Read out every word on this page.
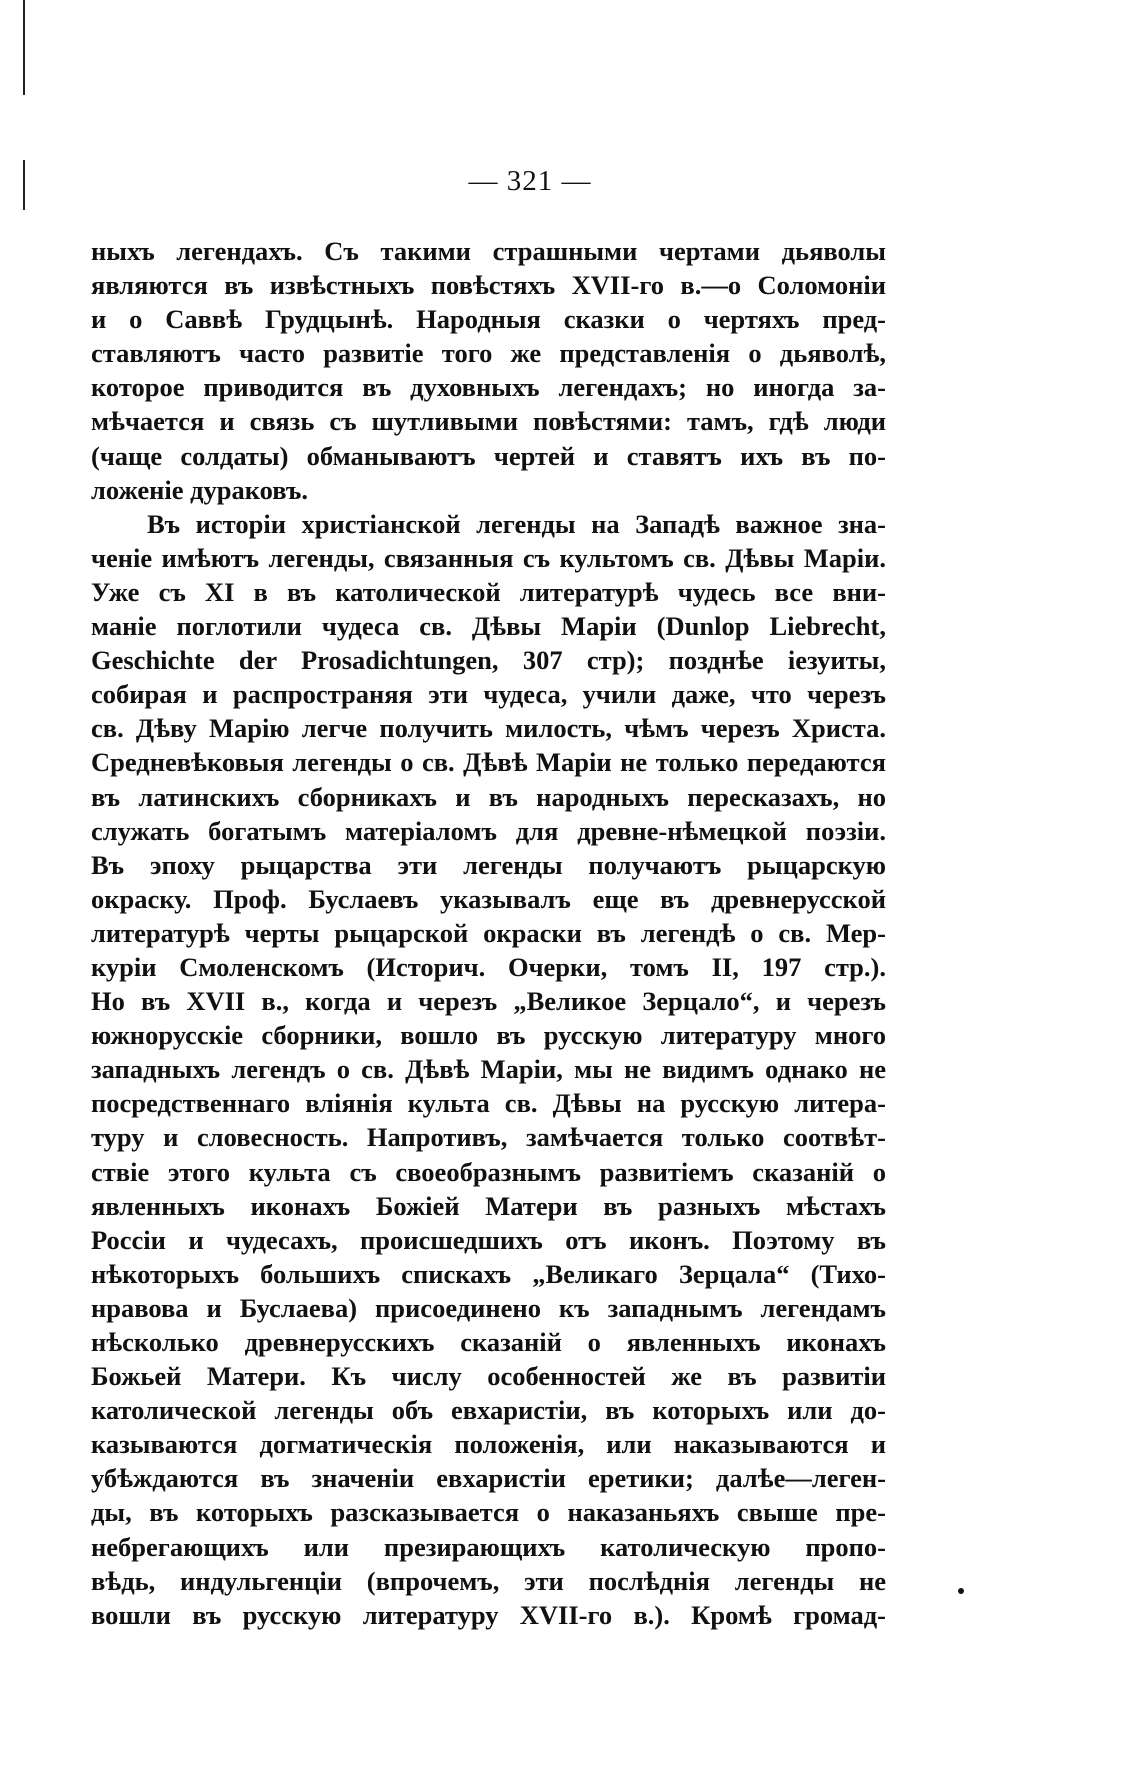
— 321 —
ныхъ легендахъ. Съ такими страшными чертами дьяволы
являются въ извѣстныхъ повѣстяхъ XVII-го в.—о Соломоніи
и о Саввѣ Грудцынѣ. Народныя сказки о чертяхъ пред-
ставляютъ часто развитіе того же представленія о дьяволѣ,
которое приводится въ духовныхъ легендахъ; но иногда за-
мѣчается и связь съ шутливыми повѣстями: тамъ, гдѣ люди
(чаще солдаты) обманываютъ чертей и ставятъ ихъ въ по-
ложеніе дураковъ.
Въ исторіи христіанской легенды на Западѣ важное зна-
ченіе имѣютъ легенды, связанныя съ культомъ св. Дѣвы Маріи.
Уже съ XI в въ католической литературѣ чудесь все вни-
маніе поглотили чудеса св. Дѣвы Маріи (Dunlop Liebrecht,
Geschichte der Prosadichtungen, 307 стр); позднѣе іезуиты,
собирая и распространяя эти чудеса, учили даже, что черезъ
св. Дѣву Марію легче получить милость, чѣмъ черезъ Христа.
Средневѣковыя легенды о св. Дѣвѣ Маріи не только передаются
въ латинскихъ сборникахъ и въ народныхъ пересказахъ, но
служать богатымъ матеріаломъ для древне-нѣмецкой поэзіи.
Въ эпоху рыцарства эти легенды получаютъ рыцарскую
окраску. Проф. Буслаевъ указывалъ еще въ древнерусской
литературѣ черты рыцарской окраски въ легендѣ о св. Мер-
куріи Смоленскомъ (Историч. Очерки, томъ II, 197 стр.).
Но въ XVII в., когда и черезъ „Великое Зерцало“, и черезъ
южнорусскіе сборники, вошло въ русскую литературу много
западныхъ легендъ о св. Дѣвѣ Маріи, мы не видимъ однако не
посредственнаго вліянія культа св. Дѣвы на русскую литера-
туру и словесность. Напротивъ, замѣчается только соотвѣт-
ствіе этого культа съ своеобразнымъ развитіемъ сказаній о
явленныхъ иконахъ Божіей Матери въ разныхъ мѣстахъ
Россіи и чудесахъ, происшедшихъ отъ иконъ. Поэтому въ
нѣкоторыхъ большихъ спискахъ „Великаго Зерцала“ (Тихо-
нравова и Буслаева) присоединено къ западнымъ легендамъ
нѣсколько древнерусскихъ сказаній о явленныхъ иконахъ
Божьей Матери. Къ числу особенностей же въ развитіи
католической легенды объ евхаристіи, въ которыхъ или до-
казываются догматическія положенія, или наказываются и
убѣждаются въ значеніи евхаристіи еретики; далѣе—леген-
ды, въ которыхъ разсказывается о наказаньяхъ свыше пре-
небрегающихъ или презирающихъ католическую пропо-
вѣдь, индульгенціи (впрочемъ, эти послѣднія легенды не
вошли въ русскую литературу XVII-го в.). Кромѣ громад-
